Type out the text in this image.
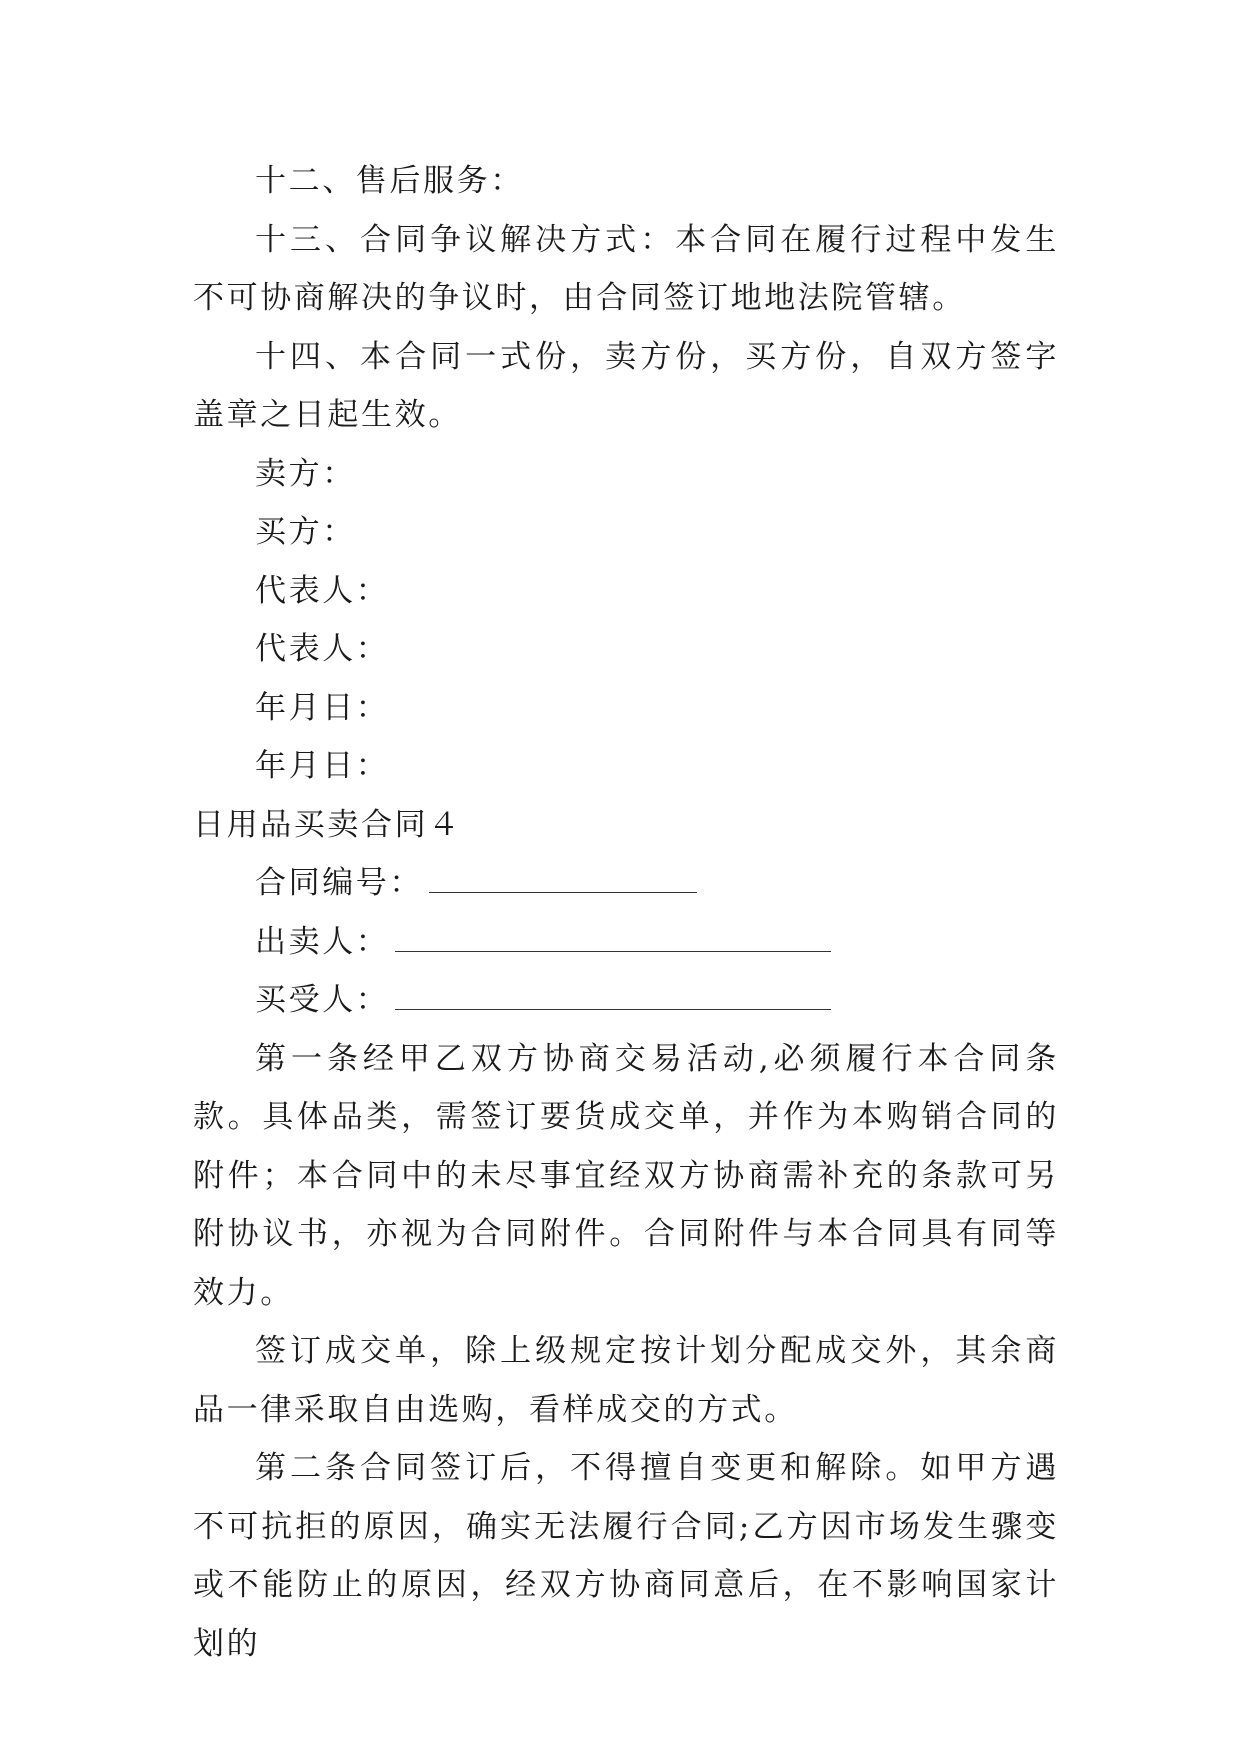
十二、售后服务：

十三、合同争议解决方式：本合同在履行过程中发生不可协商解决的争议时，由合同签订地地法院管辖。

十四、本合同一式份，卖方份，买方份，自双方签字盖章之日起生效。

卖方：

买方：

代表人：

代表人：

年月日：

年月日：

日用品买卖合同４

合同编号：

出卖人：

买受人：

第一条经甲乙双方协商交易活动,必须履行本合同条款。具体品类，需签订要货成交单，并作为本购销合同的附件；本合同中的未尽事宜经双方协商需补充的条款可另附协议书，亦视为合同附件。合同附件与本合同具有同等效力。

签订成交单，除上级规定按计划分配成交外，其余商品一律采取自由选购，看样成交的方式。

第二条合同签订后，不得擅自变更和解除。如甲方遇不可抗拒的原因，确实无法履行合同;乙方因市场发生骤变或不能防止的原因，经双方协商同意后，在不影响国家计划的
